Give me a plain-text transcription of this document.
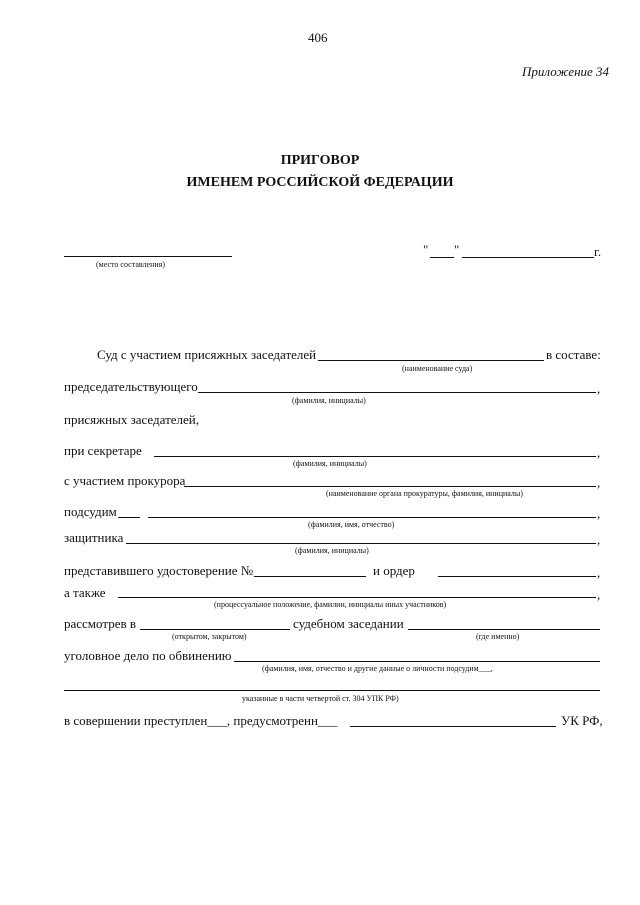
406
Приложение 34
ПРИГОВОР
ИМЕНЕМ РОССИЙСКОЙ ФЕДЕРАЦИИ
(место составления)
" "	г.
Суд с участием присяжных заседателей	в составе:
(наименование суда)
председательствующего	,
(фамилия, инициалы)
присяжных заседателей,
при секретаре	,
(фамилия, инициалы)
с участием прокурора	,
(наименование органа прокуратуры, фамилия, инициалы)
подсудим	,
(фамилия, имя, отчество)
защитника	,
(фамилия, инициалы)
представившего удостоверение №	и ордер	,
а также	,
(процессуальное положение, фамилии, инициалы иных участников)
рассмотрев в	судебном заседании
(открытом, закрытом)	(где именно)
уголовное дело по обвинению
(фамилия, имя, отчество и другие данные о личности подсудим___,
указанные в части четвертой ст. 304 УПК РФ)
в совершении преступлен___, предусмотренн___	УК РФ,
